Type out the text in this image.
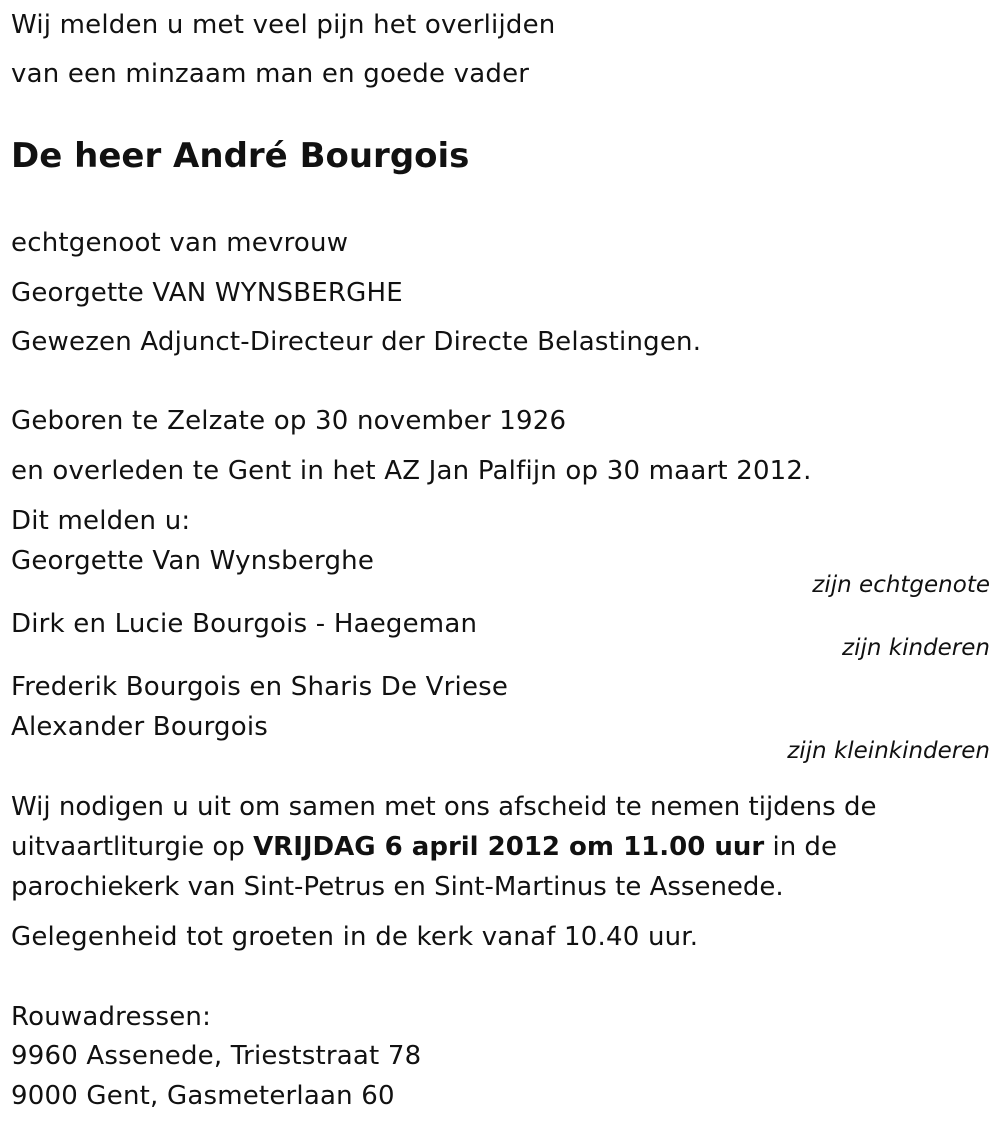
Wij melden u met veel pijn het overlijden
van een minzaam man en goede vader
De heer André Bourgois
echtgenoot van mevrouw
Georgette VAN WYNSBERGHE
Gewezen Adjunct-Directeur der Directe Belastingen.
Geboren te Zelzate op 30 november 1926
en overleden te Gent in het AZ Jan Palfijn op 30 maart 2012.
Dit melden u:
Georgette Van Wynsberghe
zijn echtgenote
Dirk en Lucie Bourgois - Haegeman
zijn kinderen
Frederik Bourgois en Sharis De Vriese
Alexander Bourgois
zijn kleinkinderen
Wij nodigen u uit om samen met ons afscheid te nemen tijdens de uitvaartliturgie op VRIJDAG 6 april 2012 om 11.00 uur in de parochiekerk van Sint-Petrus en Sint-Martinus te Assenede.
Gelegenheid tot groeten in de kerk vanaf 10.40 uur.
Rouwadressen:
9960 Assenede, Trieststraat 78
9000 Gent, Gasmeterlaan 60
